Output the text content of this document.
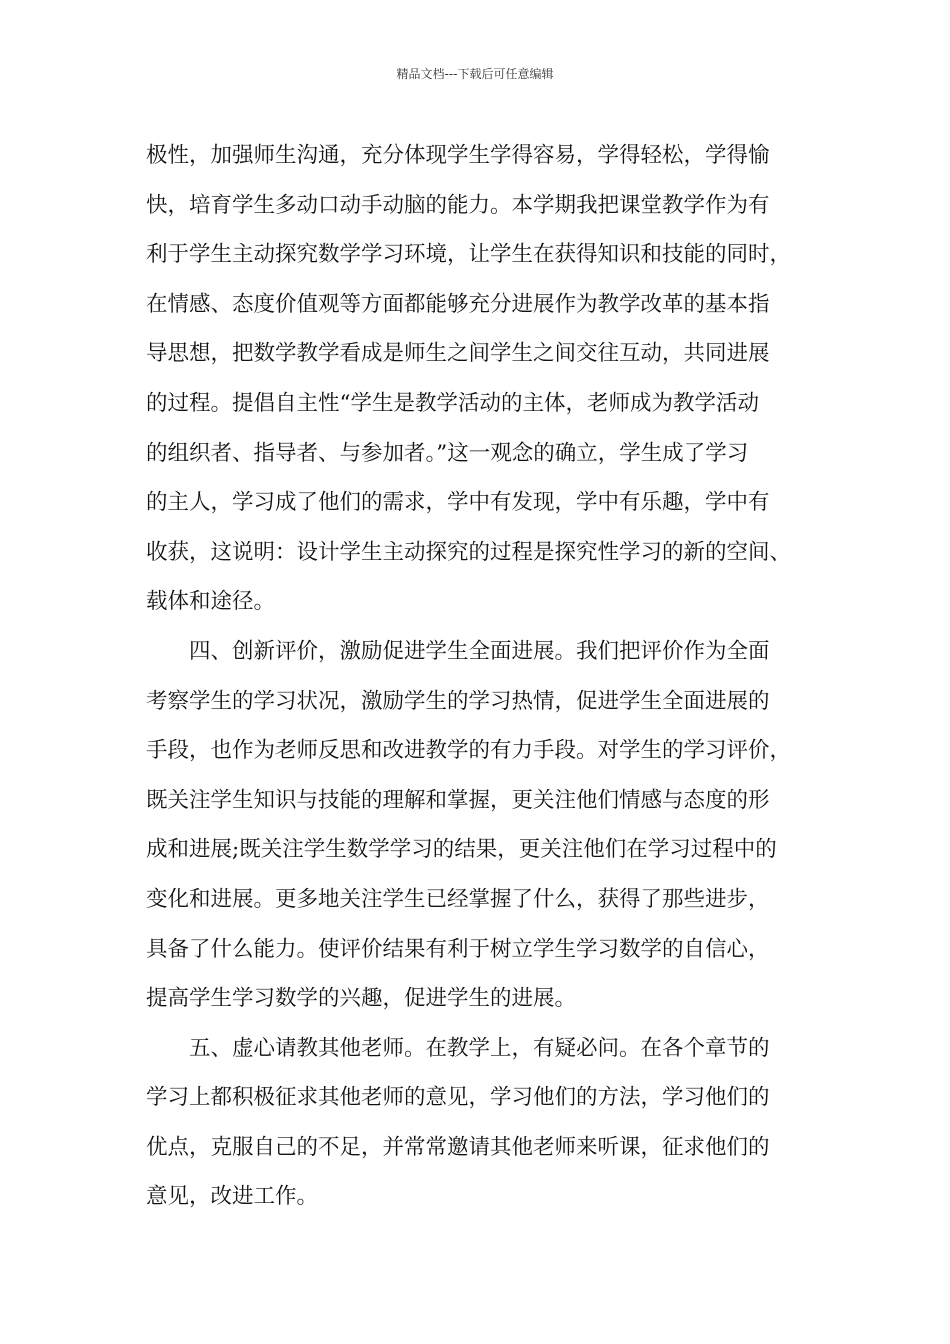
精品文档---下载后可任意编辑
极性，加强师生沟通，充分体现学生学得容易，学得轻松，学得愉
快，培育学生多动口动手动脑的能力。本学期我把课堂教学作为有
利于学生主动探究数学学习环境，让学生在获得知识和技能的同时，
在情感、态度价值观等方面都能够充分进展作为教学改革的基本指
导思想，把数学教学看成是师生之间学生之间交往互动，共同进展
的过程。提倡自主性“学生是教学活动的主体，老师成为教学活动
的组织者、指导者、与参加者。”这一观念的确立，学生成了学习
的主人，学习成了他们的需求，学中有发现，学中有乐趣，学中有
收获，这说明：设计学生主动探究的过程是探究性学习的新的空间、
载体和途径。
四、创新评价，激励促进学生全面进展。我们把评价作为全面
考察学生的学习状况，激励学生的学习热情，促进学生全面进展的
手段，也作为老师反思和改进教学的有力手段。对学生的学习评价，
既关注学生知识与技能的理解和掌握，更关注他们情感与态度的形
成和进展;既关注学生数学学习的结果，更关注他们在学习过程中的
变化和进展。更多地关注学生已经掌握了什么，获得了那些进步，
具备了什么能力。使评价结果有利于树立学生学习数学的自信心，
提高学生学习数学的兴趣，促进学生的进展。
五、虚心请教其他老师。在教学上，有疑必问。在各个章节的
学习上都积极征求其他老师的意见，学习他们的方法，学习他们的
优点，克服自己的不足，并常常邀请其他老师来听课，征求他们的
意见，改进工作。
